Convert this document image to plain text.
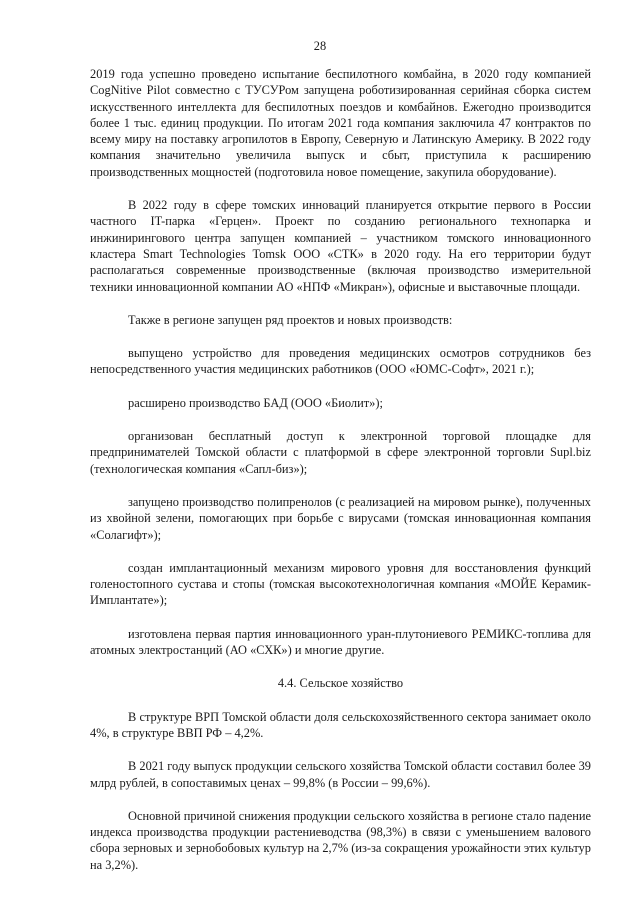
28

2019 года успешно проведено испытание беспилотного комбайна, в 2020 году компанией CogNitive Pilot совместно с ТУСУРом запущена роботизированная серийная сборка систем искусственного интеллекта для беспилотных поездов и комбайнов. Ежегодно производится более 1 тыс. единиц продукции. По итогам 2021 года компания заключила 47 контрактов по всему миру на поставку агропилотов в Европу, Северную и Латинскую Америку. В 2022 году компания значительно увеличила выпуск и сбыт, приступила к расширению производственных мощностей (подготовила новое помещение, закупила оборудование).

В 2022 году в сфере томских инноваций планируется открытие первого в России частного IT-парка «Герцен». Проект по созданию регионального технопарка и инжинирингового центра запущен компанией – участником томского инновационного кластера Smart Technologies Tomsk ООО «СТК» в 2020 году. На его территории будут располагаться современные производственные (включая производство измерительной техники инновационной компании АО «НПФ «Микран»), офисные и выставочные площади.

Также в регионе запущен ряд проектов и новых производств:

выпущено устройство для проведения медицинских осмотров сотрудников без непосредственного участия медицинских работников (ООО «ЮМС-Софт», 2021 г.);

расширено производство БАД (ООО «Биолит»);

организован бесплатный доступ к электронной торговой площадке для предпринимателей Томской области с платформой в сфере электронной торговли Supl.biz (технологическая компания «Сапл-биз»);

запущено производство полипренолов (с реализацией на мировом рынке), полученных из хвойной зелени, помогающих при борьбе с вирусами (томская инновационная компания «Солагифт»);

создан имплантационный механизм мирового уровня для восстановления функций голеностопного сустава и стопы (томская высокотехнологичная компания «МОЙЕ Керамик-Имплантате»);

изготовлена первая партия инновационного уран-плутониевого РЕМИКС-топлива для атомных электростанций (АО «СХК») и многие другие.

4.4. Сельское хозяйство

В структуре ВРП Томской области доля сельскохозяйственного сектора занимает около 4%, в структуре ВВП РФ – 4,2%.

В 2021 году выпуск продукции сельского хозяйства Томской области составил более 39 млрд рублей, в сопоставимых ценах – 99,8% (в России – 99,6%).

Основной причиной снижения продукции сельского хозяйства в регионе стало падение индекса производства продукции растениеводства (98,3%) в связи с уменьшением валового сбора зерновых и зернобобовых культур на 2,7% (из-за сокращения урожайности этих культур на 3,2%).
